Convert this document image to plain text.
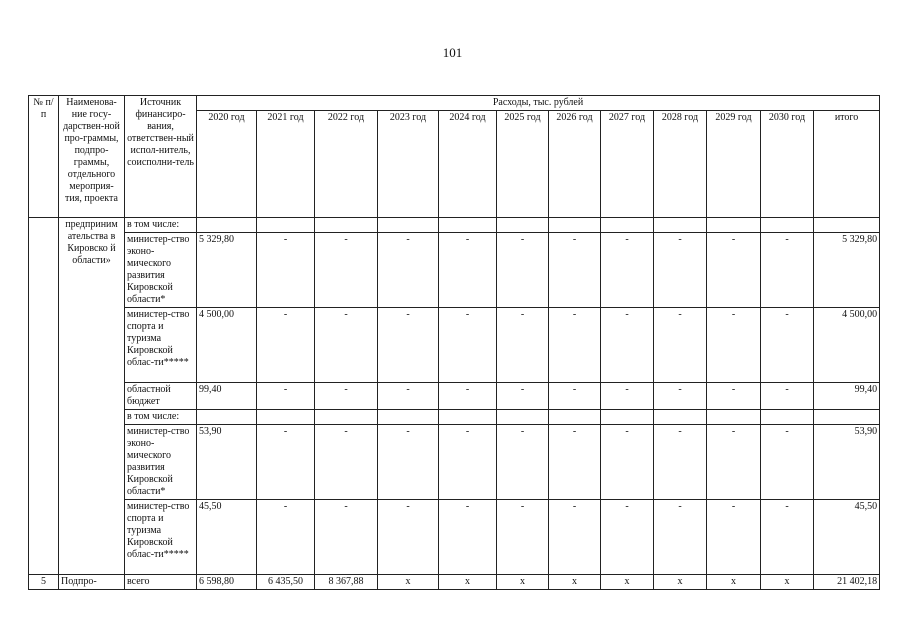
101
№ п/п	Наименова-ние госу-дарствен-ной про-граммы, подпро-граммы, отдельного мероприя-тия, проекта	Источник финансиро-вания, ответствен-ный испол-нитель, соисполни-тель	Расходы, тыс. рублей											
			2020 год	2021 год	2022 год	2023 год	2024 год	2025 год	2026 год	2027 год	2028 год	2029 год	2030 год	итого
	предприним ательства в Кировско й области»	в том числе:												
		министер-ство эконо-мического развития Кировской области*	5 329,80	-	-	-	-	-	-	-	-	-	-	5 329,80
		министер-ство спорта и туризма Кировской облас-ти*****	4 500,00	-	-	-	-	-	-	-	-	-	-	4 500,00
		областной бюджет	99,40	-	-	-	-	-	-	-	-	-	-	99,40
		в том числе:												
		министер-ство эконо-мического развития Кировской области*	53,90	-	-	-	-	-	-	-	-	-	-	53,90
		министер-ство спорта и туризма Кировской облас-ти*****	45,50	-	-	-	-	-	-	-	-	-	-	45,50
5	Подпро-	всего	6 598,80	6 435,50	8 367,88	х	х	х	х	х	х	х	х	21 402,18
